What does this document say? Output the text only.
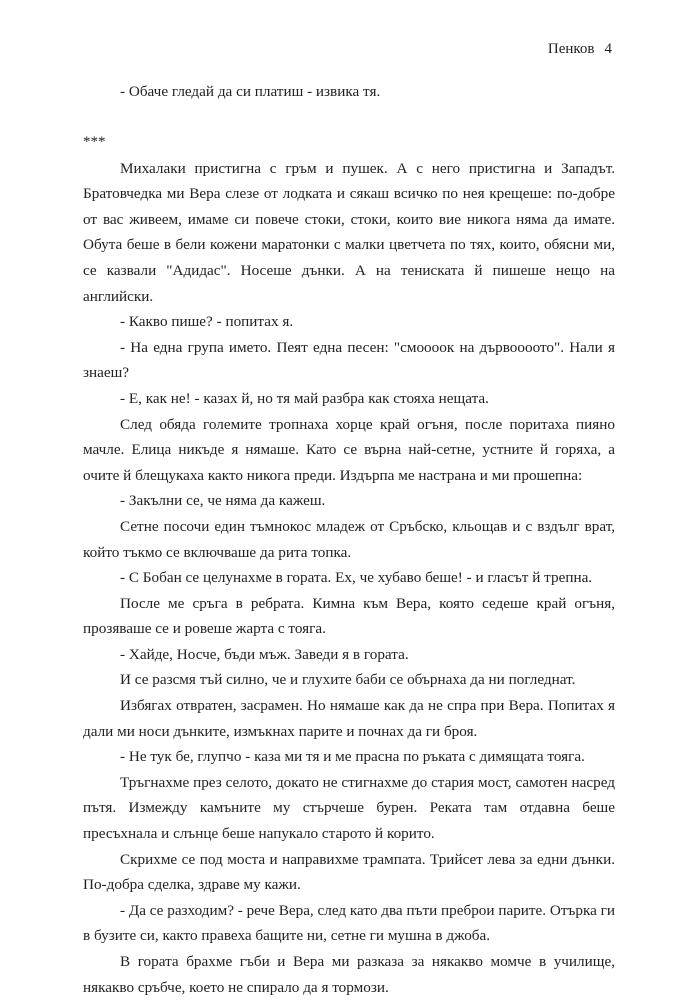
Пенков 4

- Обаче гледай да си платиш - извика тя.

***

Михалаки пристигна с гръм и пушек. А с него пристигна и Западът. Братовчедка ми Вера слезе от лодката и сякаш всичко по нея крещеше: по-добре от вас живеем, имаме си повече стоки, стоки, които вие никога няма да имате. Обута беше в бели кожени маратонки с малки цветчета по тях, които, обясни ми, се казвали "Адидас". Носеше дънки. А на тениската й пишеше нещо на английски.

- Какво пише? - попитах я.

- На една група името. Пеят една песен: "смоооок на дървоооото". Нали я знаеш?

- Е, как не! - казах й, но тя май разбра как стояха нещата.

След обяда големите тропнаха хорце край огъня, после поритаха пияно мачле. Елица никъде я нямаше. Като се върна най-сетне, устните й горяха, а очите й блещукаха както никога преди. Издърпа ме настрана и ми прошепна:

- Закълни се, че няма да кажеш.

Сетне посочи един тъмнокос младеж от Сръбско, кльощав и с вздълг врат, който тъкмо се включваше да рита топка.

- С Бобан се целунахме в гората. Ех, че хубаво беше! - и гласът й трепна.

После ме сръга в ребрата. Кимна към Вера, която седеше край огъня, прозяваше се и ровеше жарта с тояга.

- Хайде, Носче, бъди мъж. Заведи я в гората.

И се разсмя тъй силно, че и глухите баби се обърнаха да ни погледнат.

Избягах отвратен, засрамен. Но нямаше как да не спра при Вера. Попитах я дали ми носи дънките, измъкнах парите и почнах да ги броя.

- Не тук бе, глупчо - каза ми тя и ме прасна по ръката с димящата тояга.

Тръгнахме през селото, докато не стигнахме до стария мост, самотен насред пътя. Измежду камъните му стърчеше бурен. Реката там отдавна беше пресъхнала и слънце беше напукало старото й корито.

Скрихме се под моста и направихме трампата. Трийсет лева за едни дънки. По-добра сделка, здраве му кажи.

- Да се разходим? - рече Вера, след като два пъти преброи парите. Отърка ги в бузите си, както правеха бащите ни, сетне ги мушна в джоба.

В гората брахме гъби и Вера ми разказа за някакво момче в училище, някакво сръбче, което не спирало да я тормози.
